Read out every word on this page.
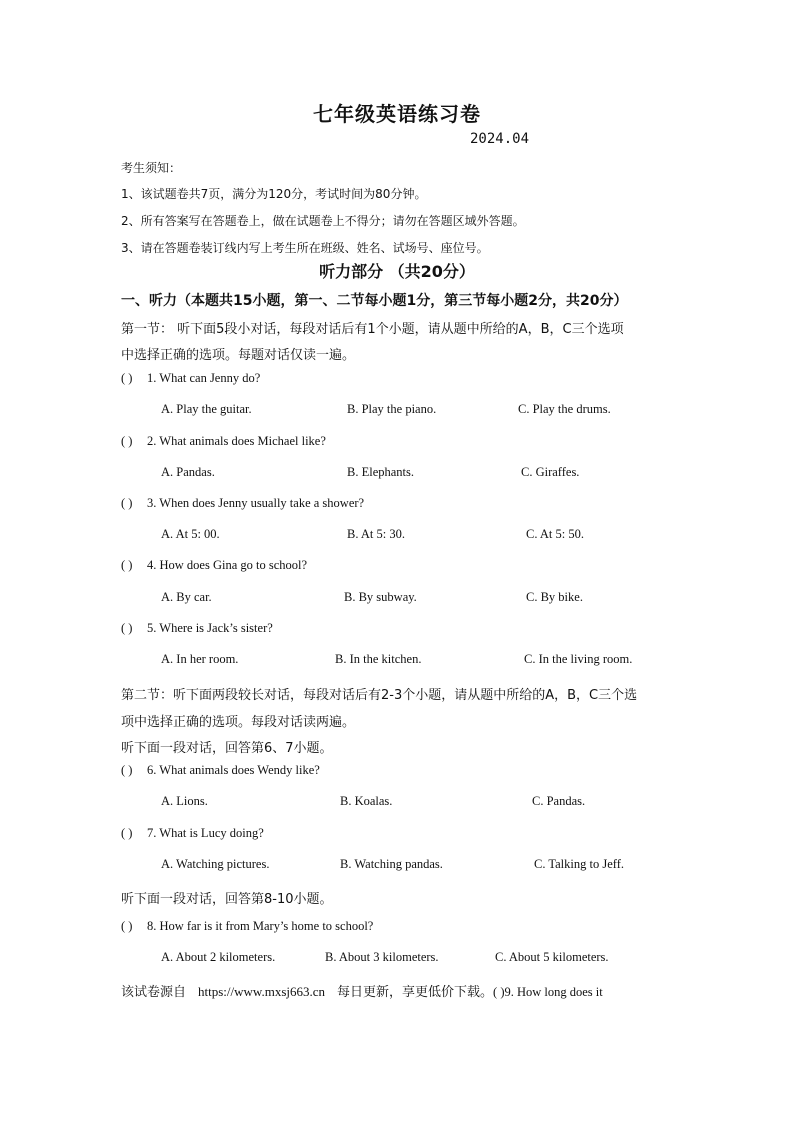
七年级英语练习卷
2024.04
考生须知：
1、该试题卷共7页，满分为120分，考试时间为80分钟。
2、所有答案写在答题卷上，做在试题卷上不得分；请勿在答题区域外答题。
3、请在答题卷装订线内写上考生所在班级、姓名、试场号、座位号。
听力部分 （共20分）
一、听力（本题共15小题，第一、二节每小题1分，第三节每小题2分，共20分）
第一节： 听下面5段小对话，每段对话后有1个小题，请从题中所给的A，B，C三个选项
中选择正确的选项。每题对话仅读一遍。
( ) 1. What can Jenny do?
A. Play the guitar.	B. Play the piano.	C. Play the drums.
( ) 2. What animals does Michael like?
A. Pandas.	B. Elephants.	C. Giraffes.
( ) 3. When does Jenny usually take a shower?
A. At 5: 00.	B. At 5: 30.	C. At 5: 50.
( ) 4. How does Gina go to school?
A. By car.	B. By subway.	C. By bike.
( ) 5. Where is Jack’s sister?
A. In her room.	B. In the kitchen.	C. In the living room.
第二节：听下面两段较长对话，每段对话后有2-3个小题，请从题中所给的A，B，C三个选
项中选择正确的选项。每段对话读两遍。
听下面一段对话，回答第6、7小题。
( ) 6. What animals does Wendy like?
A. Lions.	B. Koalas.	C. Pandas.
( ) 7. What is Lucy doing?
A. Watching pictures.	B. Watching pandas.	C. Talking to Jeff.
听下面一段对话，回答第8-10小题。
( ) 8. How far is it from Mary’s home to school?
A. About 2 kilometers.	B. About 3 kilometers.	C. About 5 kilometers.
该试卷源自 https://www.mxsj663.cn 每日更新，享更低价下载。( )9. How long does it
